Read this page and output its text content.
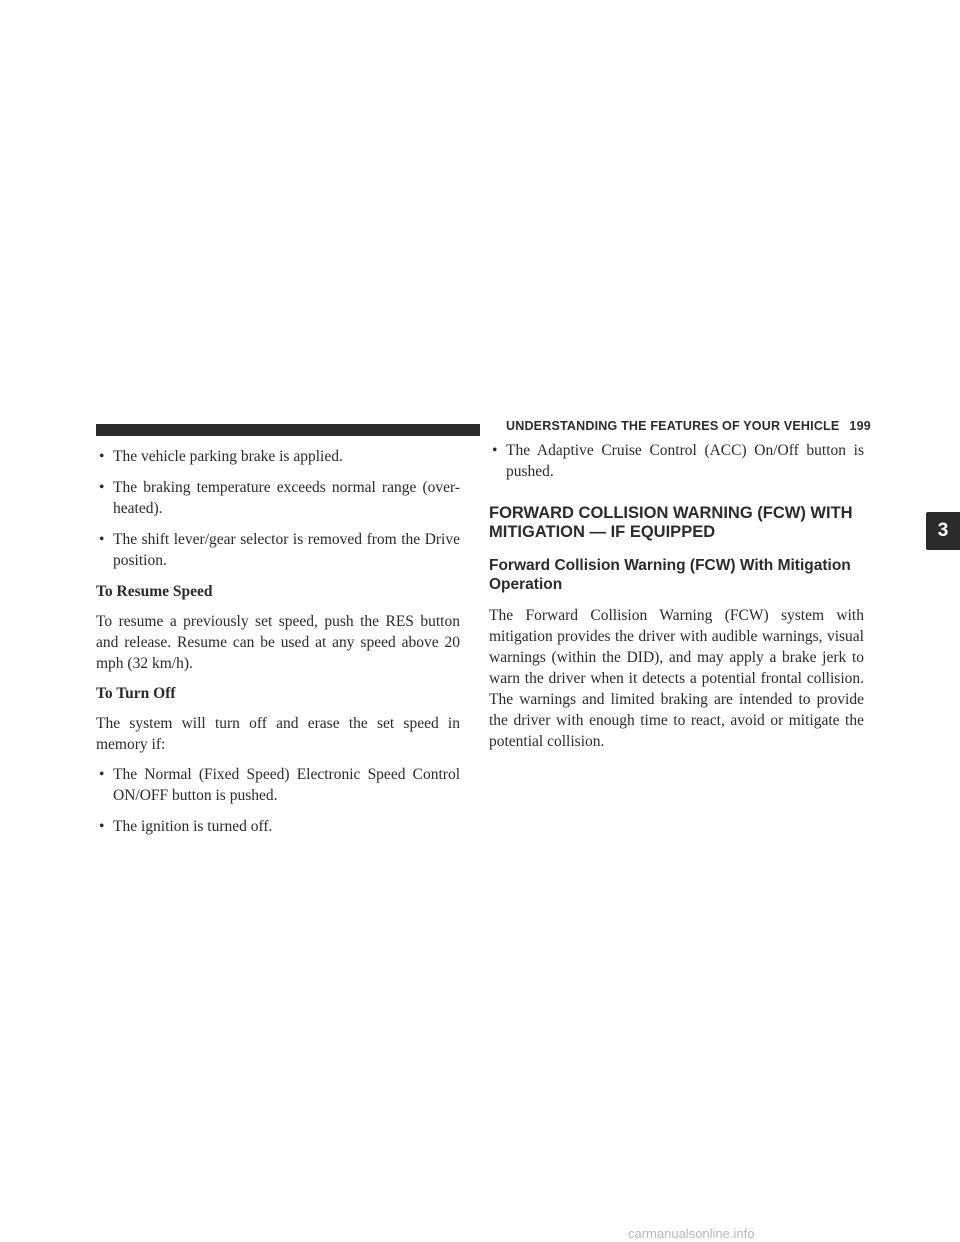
UNDERSTANDING THE FEATURES OF YOUR VEHICLE 199
3
• The vehicle parking brake is applied.
• The braking temperature exceeds normal range (over-heated).
• The shift lever/gear selector is removed from the Drive position.
To Resume Speed
To resume a previously set speed, push the RES button and release. Resume can be used at any speed above 20 mph (32 km/h).
To Turn Off
The system will turn off and erase the set speed in memory if:
• The Normal (Fixed Speed) Electronic Speed Control ON/OFF button is pushed.
• The ignition is turned off.
• The Adaptive Cruise Control (ACC) On/Off button is pushed.
FORWARD COLLISION WARNING (FCW) WITH MITIGATION — IF EQUIPPED
Forward Collision Warning (FCW) With Mitigation Operation
The Forward Collision Warning (FCW) system with mitigation provides the driver with audible warnings, visual warnings (within the DID), and may apply a brake jerk to warn the driver when it detects a potential frontal collision. The warnings and limited braking are intended to provide the driver with enough time to react, avoid or mitigate the potential collision.
carmanualsonline.info
